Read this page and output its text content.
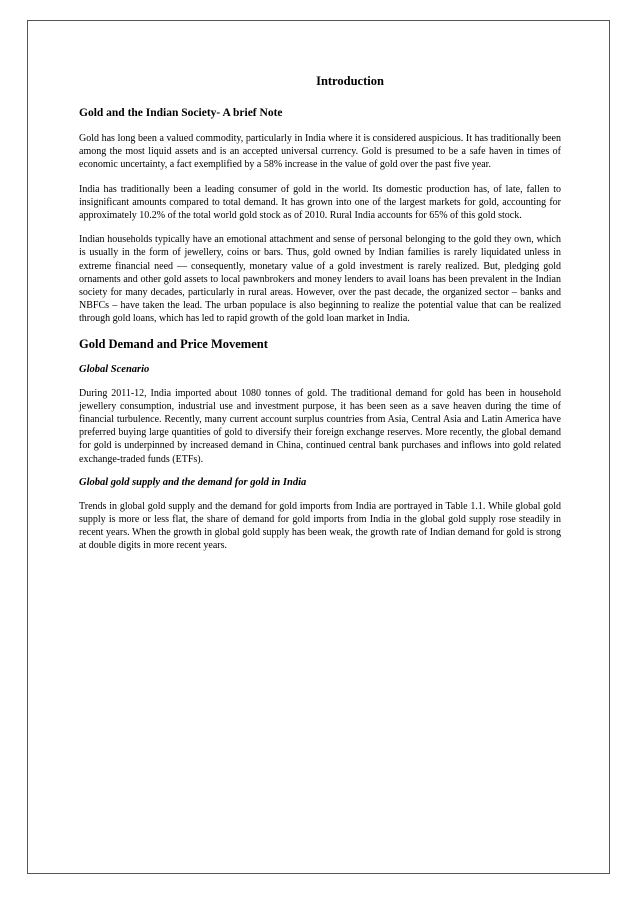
Introduction
Gold and the Indian Society- A brief Note

Gold has long been a valued commodity, particularly in India where it is considered auspicious. It has traditionally been among the most liquid assets and is an accepted universal currency. Gold is presumed to be a safe haven in times of economic uncertainty, a fact exemplified by a 58% increase in the value of gold over the past five year.

India has traditionally been a leading consumer of gold in the world. Its domestic production has, of late, fallen to insignificant amounts compared to total demand. It has grown into one of the largest markets for gold, accounting for approximately 10.2% of the total world gold stock as of 2010. Rural India accounts for 65% of this gold stock.

Indian households typically have an emotional attachment and sense of personal belonging to the gold they own, which is usually in the form of jewellery, coins or bars. Thus, gold owned by Indian families is rarely liquidated unless in extreme financial need — consequently, monetary value of a gold investment is rarely realized. But, pledging gold ornaments and other gold assets to local pawnbrokers and money lenders to avail loans has been prevalent in the Indian society for many decades, particularly in rural areas. However, over the past decade, the organized sector – banks and NBFCs – have taken the lead. The urban populace is also beginning to realize the potential value that can be realized through gold loans, which has led to rapid growth of the gold loan market in India.

Gold Demand and Price Movement
Global Scenario

During 2011-12, India imported about 1080 tonnes of gold. The traditional demand for gold has been in household jewellery consumption, industrial use and investment purpose, it has been seen as a save heaven during the time of financial turbulence. Recently, many current account surplus countries from Asia, Central Asia and Latin America have preferred buying large quantities of gold to diversify their foreign exchange reserves. More recently, the global demand for gold is underpinned by increased demand in China, continued central bank purchases and inflows into gold related exchange-traded funds (ETFs).

Global gold supply and the demand for gold in India

Trends in global gold supply and the demand for gold imports from India are portrayed in Table 1.1. While global gold supply is more or less flat, the share of demand for gold imports from India in the global gold supply rose steadily in recent years. When the growth in global gold supply has been weak, the growth rate of Indian demand for gold is strong at double digits in more recent years.
